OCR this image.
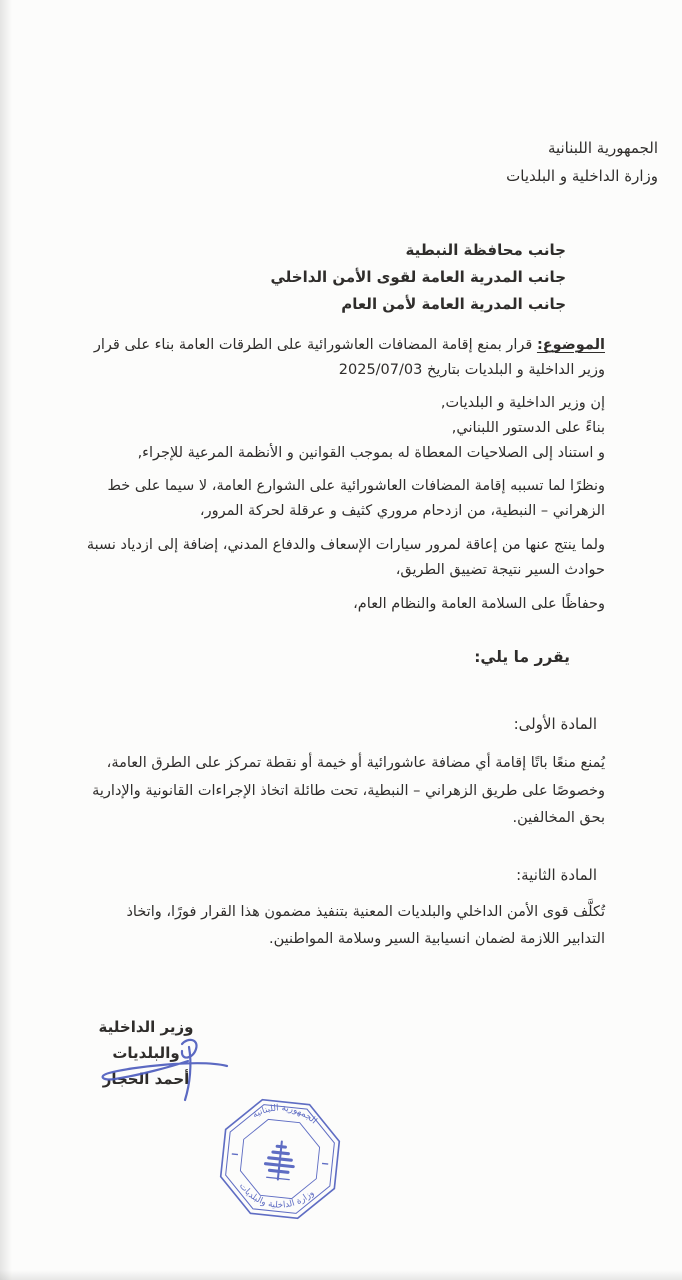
الجمهورية اللبنانية
وزارة الداخلية و البلديات
جانب محافظة النبطية
جانب المدرية العامة لقوى الأمن الداخلي
جانب المدرية العامة لأمن العام

الموضوع: قرار بمنع إقامة المضافات العاشورائية على الطرقات العامة بناء على قرار وزير الداخلية و البلديات بتاريخ 2025/07/03

إن وزير الداخلية و البلديات,

بناءً على الدستور اللبناني,

و استناد إلى الصلاحيات المعطاة له بموجب القوانين و الأنظمة المرعية للإجراء,

ونظرًا لما تسببه إقامة المضافات العاشورائية على الشوارع العامة، لا سيما على خط الزهراني – النبطية، من ازدحام مروري كثيف و عرقلة لحركة المرور،

ولما ينتج عنها من إعاقة لمرور سيارات الإسعاف والدفاع المدني، إضافة إلى ازدياد نسبة حوادث السير نتيجة تضييق الطريق،

وحفاظًا على السلامة العامة والنظام العام،

يقرر ما يلي:
المادة الأولى:
يُمنع منعًا باتًا إقامة أي مضافة عاشورائية أو خيمة أو نقطة تمركز على الطرق العامة، وخصوصًا على طريق الزهراني – النبطية، تحت طائلة اتخاذ الإجراءات القانونية والإدارية بحق المخالفين.
المادة الثانية:
تُكلَّف قوى الأمن الداخلي والبلديات المعنية بتنفيذ مضمون هذا القرار فورًا، واتخاذ التدابير اللازمة لضمان انسيابية السير وسلامة المواطنين.
وزير الداخلية والبلديات
أحمد الحجار
الجمهورية اللبنانية
وزارة الداخلية والبلديات
